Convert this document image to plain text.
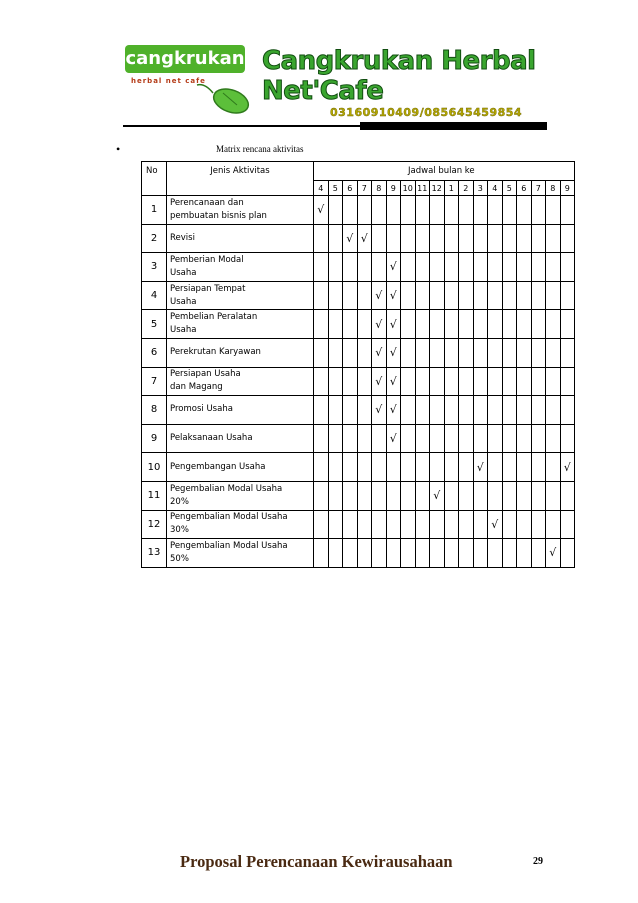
cangkrukan
herbal net cafe
Cangkrukan Herbal Net'Cafe
03160910409/085645459854
•	Matrix rencana aktivitas
No	Jenis Aktivitas	Jadwal bulan ke																	
		4	5	6	7	8	9	10	11	12	1	2	3	4	5	6	7	8	9
1	Perencanaan dan
pembuatan bisnis plan	√																	
2	Revisi			√	√														
3	Pemberian Modal
Usaha						√												
4	Persiapan Tempat
Usaha					√	√												
5	Pembelian Peralatan
Usaha					√	√												
6	Perekrutan Karyawan					√	√												
7	Persiapan Usaha
dan Magang					√	√												
8	Promosi Usaha					√	√												
9	Pelaksanaan Usaha						√												
10	Pengembangan Usaha												√						√
11	Pegembalian Modal Usaha
20%									√									
12	Pengembalian Modal Usaha
30%													√					
13	Pengembalian Modal Usaha
50%																	√	
Proposal Perencanaan Kewirausahaan	29
